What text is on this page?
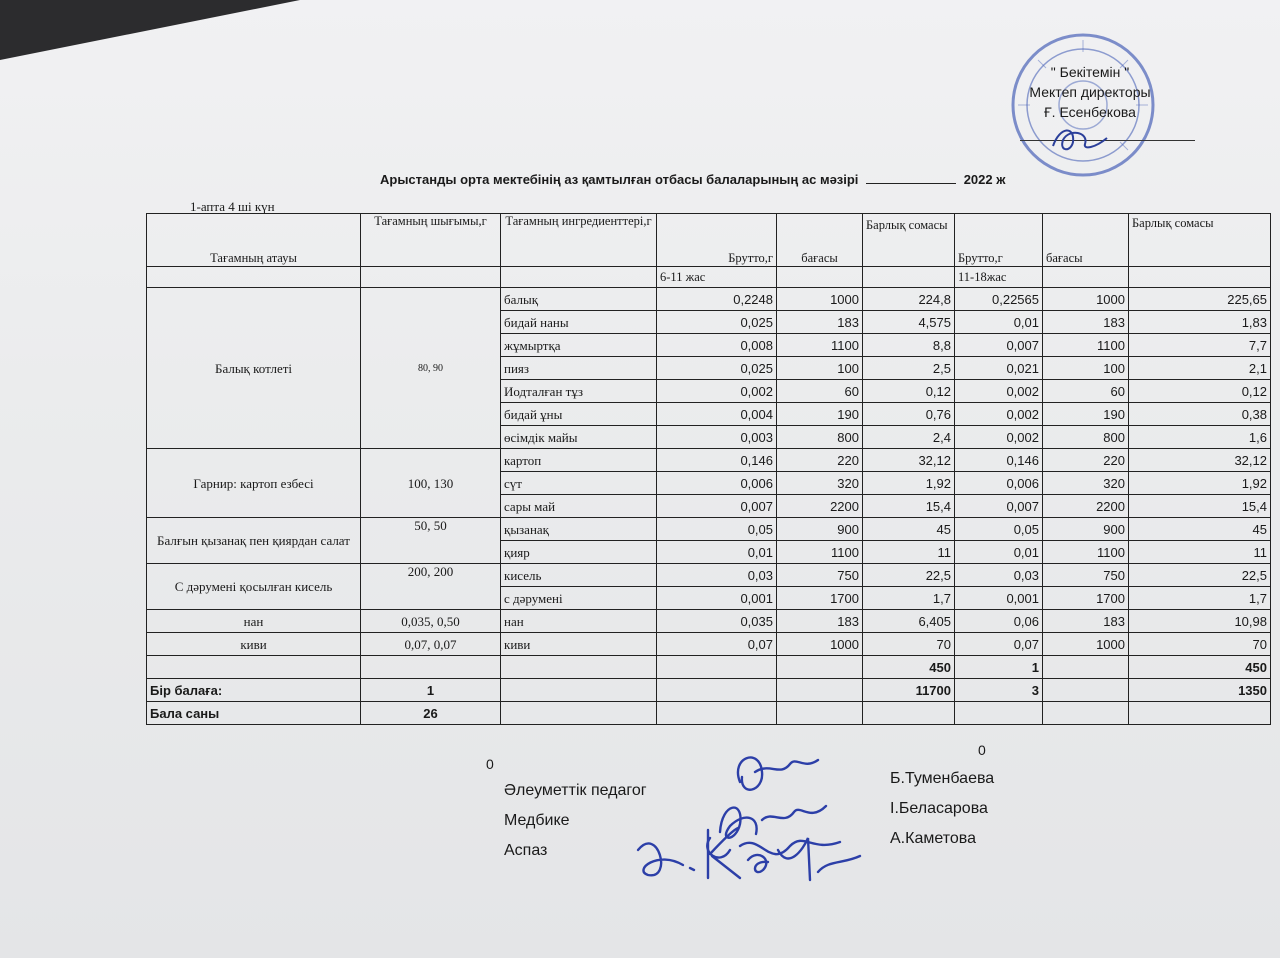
" Бекітемін "
Мектеп директоры
Ғ. Есенбекова
Арыстанды орта мектебінің аз қамтылған отбасы балаларының ас мәзірі	2022 ж
1-апта 4 ші күн
Тағамның атауы	Тағамның шығымы,г	Тағамның ингредиенттері,г	Брутто,г	бағасы	Барлық сомасы	Брутто,г	бағасы	Барлық сомасы
			6-11 жас			11-18жас		
Балық котлеті	80, 90	балық	0,2248	1000	224,8	0,22565	1000	225,65
		бидай наны	0,025	183	4,575	0,01	183	1,83
		жұмыртқа	0,008	1100	8,8	0,007	1100	7,7
		пияз	0,025	100	2,5	0,021	100	2,1
		Иодталған тұз	0,002	60	0,12	0,002	60	0,12
		бидай ұны	0,004	190	0,76	0,002	190	0,38
		өсімдік майы	0,003	800	2,4	0,002	800	1,6
Гарнир: картоп езбесі	100, 130	картоп	0,146	220	32,12	0,146	220	32,12
		сүт	0,006	320	1,92	0,006	320	1,92
		сары май	0,007	2200	15,4	0,007	2200	15,4
Балғын қызанақ пен қиярдан салат	50, 50	қызанақ	0,05	900	45	0,05	900	45
		қияр	0,01	1100	11	0,01	1100	11
С дәрумені қосылған кисель	200, 200	кисель	0,03	750	22,5	0,03	750	22,5
		с дәрумені	0,001	1700	1,7	0,001	1700	1,7
нан	0,035, 0,50	нан	0,035	183	6,405	0,06	183	10,98
киви	0,07, 0,07	киви	0,07	1000	70	0,07	1000	70
					450	1		450
Бір балаға:	1				11700	3		1350
Бала саны	26							
0
0
Әлеуметтік педагог
Медбике
Аспаз
Б.Туменбаева
І.Беласарова
А.Каметова
